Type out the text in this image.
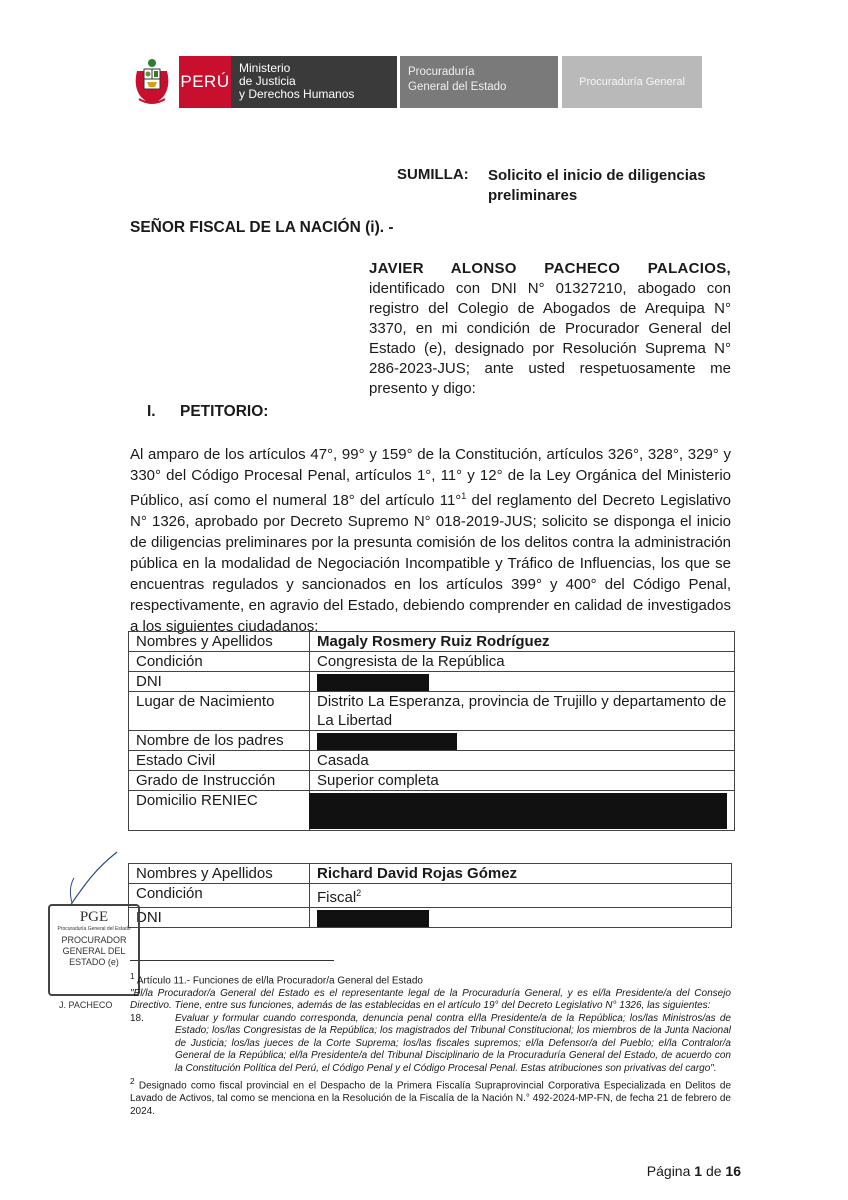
PERÚ
Ministerio
de Justicia
y Derechos Humanos
Procuraduría
General del Estado	Procuraduría General
SUMILLA: Solicito el inicio de diligencias preliminares
SEÑOR FISCAL DE LA NACIÓN (i). -
JAVIER ALONSO PACHECO PALACIOS,
identificado con DNI N° 01327210, abogado con registro del Colegio de Abogados de Arequipa N° 3370, en mi condición de Procurador General del Estado (e), designado por Resolución Suprema N° 286-2023-JUS; ante usted respetuosamente me presento y digo:
I. PETITORIO:
Al amparo de los artículos 47°, 99° y 159° de la Constitución, artículos 326°, 328°, 329° y 330° del Código Procesal Penal, artículos 1°, 11° y 12° de la Ley Orgánica del Ministerio Público, así como el numeral 18° del artículo 11°$^1$ del reglamento del Decreto Legislativo N° 1326, aprobado por Decreto Supremo N° 018-2019-JUS; solicito se disponga el inicio de diligencias preliminares por la presunta comisión de los delitos contra la administración pública en la modalidad de Negociación Incompatible y Tráfico de Influencias, los que se encuentras regulados y sancionados en los artículos 399° y 400° del Código Penal, respectivamente, en agravio del Estado, debiendo comprender en calidad de investigados a los siguientes ciudadanos:
Nombres y Apellidos	Magaly Rosmery Ruiz Rodríguez
Condición	Congresista de la República
DNI	
Lugar de Nacimiento	Distrito La Esperanza, provincia de Trujillo y departamento de La Libertad
Nombre de los padres	
Estado Civil	Casada
Grado de Instrucción	Superior completa
Domicilio RENIEC	
Nombres y Apellidos	Richard David Rojas Gómez
Condición	Fiscal$^2$
DNI	
PGE
Procuraduría General del Estado
PROCURADOR GENERAL DEL ESTADO (e)
J. PACHECO

$^1$ Artículo 11.- Funciones de el/la Procurador/a General del Estado

"El/la Procurador/a General del Estado es el representante legal de la Procuraduría General, y es el/la Presidente/a del Consejo Directivo. Tiene, entre sus funciones, además de las establecidas en el artículo 19° del Decreto Legislativo N° 1326, las siguientes:

18.	Evaluar y formular cuando corresponda, denuncia penal contra el/la Presidente/a de la República; los/las Ministros/as de Estado; los/las Congresistas de la República; los magistrados del Tribunal Constitucional; los miembros de la Junta Nacional de Justicia; los/las jueces de la Corte Suprema; los/las fiscales supremos; el/la Defensor/a del Pueblo; el/la Contralor/a General de la República; el/la Presidente/a del Tribunal Disciplinario de la Procuraduría General del Estado, de acuerdo con la Constitución Política del Perú, el Código Penal y el Código Procesal Penal. Estas atribuciones son privativas del cargo".

$^2$ Designado como fiscal provincial en el Despacho de la Primera Fiscalía Supraprovincial Corporativa Especializada en Delitos de Lavado de Activos, tal como se menciona en la Resolución de la Fiscalía de la Nación N.° 492-2024-MP-FN, de fecha 21 de febrero de 2024.

Página 1 de 16
